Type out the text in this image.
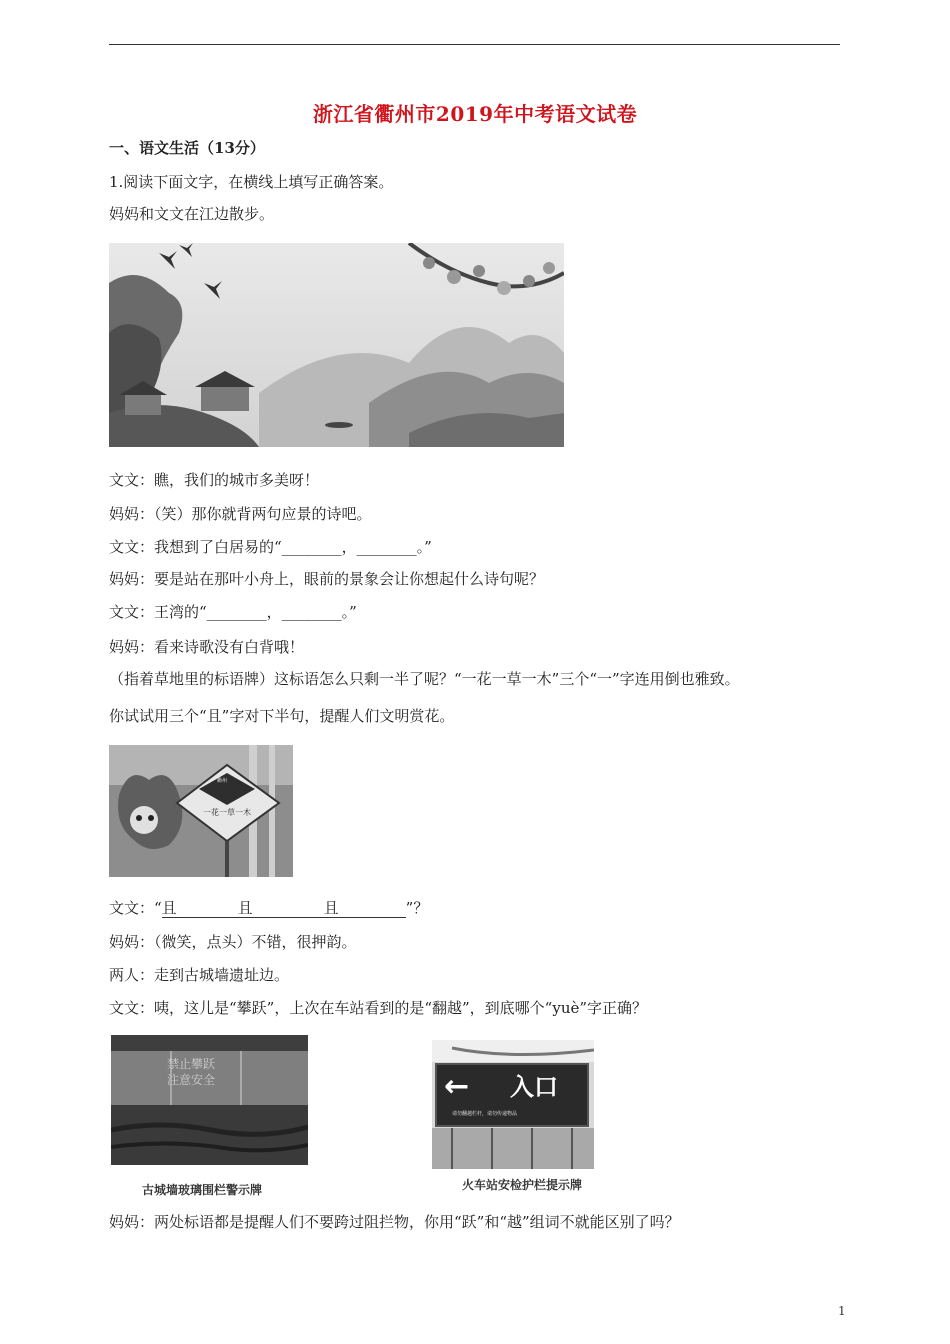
浙江省衢州市2019年中考语文试卷
一、语文生活（13分）
1.阅读下面文字，在横线上填写正确答案。
妈妈和文文在江边散步。
文文：瞧，我们的城市多美呀！
妈妈：（笑）那你就背两句应景的诗吧。
文文：我想到了白居易的“________，________。”
妈妈：要是站在那叶小舟上，眼前的景象会让你想起什么诗句呢？
文文：王湾的“________，________。”
妈妈：看来诗歌没有白背哦！
（指着草地里的标语牌）这标语怎么只剩一半了呢？“一花一草一木”三个“一”字连用倒也雅致。
你试试用三个“且”字对下半句，提醒人们文明赏花。
一花一草一木
衢州
文文：“且	且	且	”？
妈妈：（微笑，点头）不错，很押韵。
两人：走到古城墙遗址边。
文文：咦，这儿是“攀跃”，上次在车站看到的是“翻越”，到底哪个“yuè”字正确？
禁止攀跃
注意安全
古城墙玻璃围栏警示牌
← 入口
请勿翻越栏杆，请勿传递物品
火车站安检护栏提示牌
妈妈：两处标语都是提醒人们不要跨过阻拦物，你用“跃”和“越”组词不就能区别了吗？
1
